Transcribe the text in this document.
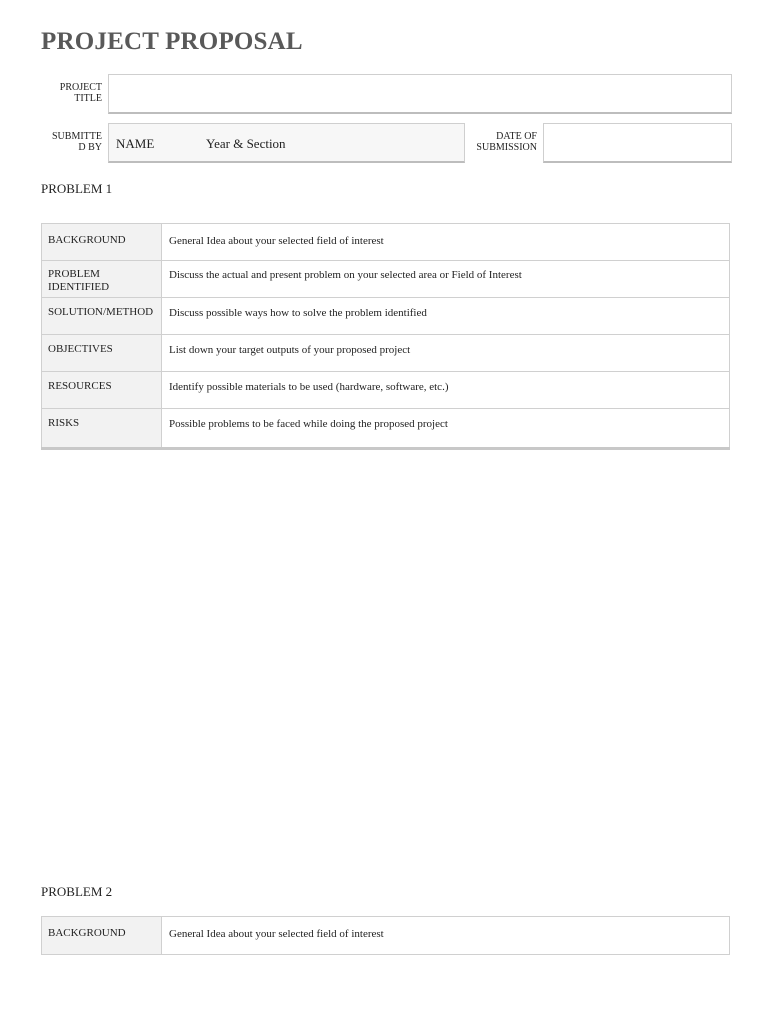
PROJECT PROPOSAL
PROJECT TITLE
SUBMITTE D BY NAME	Year & Section	DATE OF SUBMISSION
PROBLEM 1
BACKGROUND	General Idea about your selected field of interest
PROBLEM IDENTIFIED	Discuss the actual and present problem on your selected area or Field of Interest
SOLUTION/METHOD	Discuss possible ways how to solve the problem identified
OBJECTIVES	List down your target outputs of your proposed project
RESOURCES	Identify possible materials to be used (hardware, software, etc.)
RISKS	Possible problems to be faced while doing the proposed project
PROBLEM 2
BACKGROUND	General Idea about your selected field of interest
